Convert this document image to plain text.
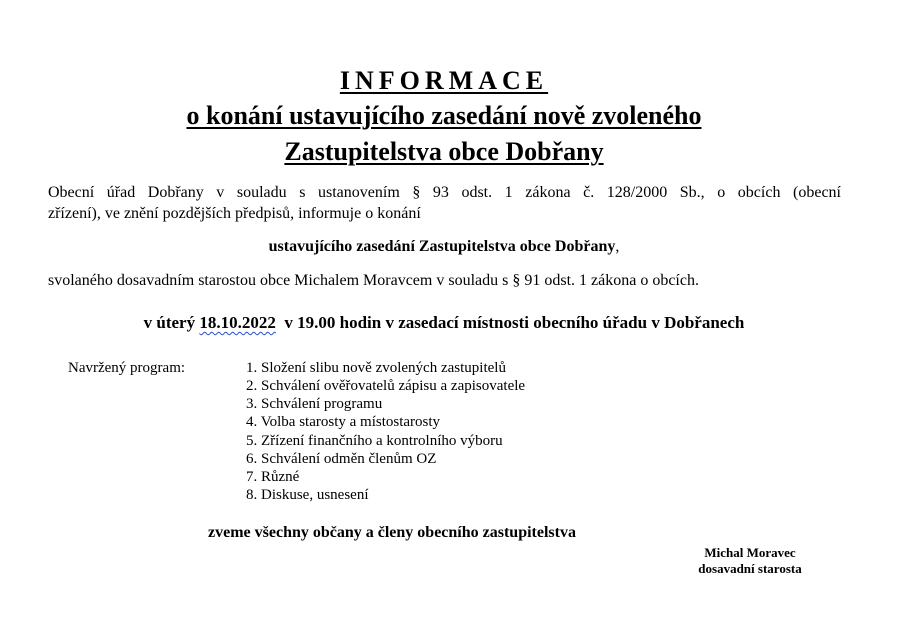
INFORMACE
o konání ustavujícího zasedání nově zvoleného
Zastupitelstva obce Dobřany
Obecní úřad Dobřany v souladu s ustanovením § 93 odst. 1 zákona č. 128/2000 Sb., o obcích (obecní
zřízení), ve znění pozdějších předpisů, informuje o konání
ustavujícího zasedání Zastupitelstva obce Dobřany,
svolaného dosavadním starostou obce Michalem Moravcem v souladu s § 91 odst. 1 zákona o obcích.
v úterý 18.10.2022  v 19.00 hodin v zasedací místnosti obecního úřadu v Dobřanech
Navržený program:	1. Složení slibu nově zvolených zastupitelů
2. Schválení ověřovatelů zápisu a zapisovatele
3. Schválení programu
4. Volba starosty a místostarosty
5. Zřízení finančního a kontrolního výboru
6. Schválení odměn členům OZ
7. Různé
8. Diskuse, usnesení
zveme všechny občany a členy obecního zastupitelstva
Michal Moravec
dosavadní starosta
